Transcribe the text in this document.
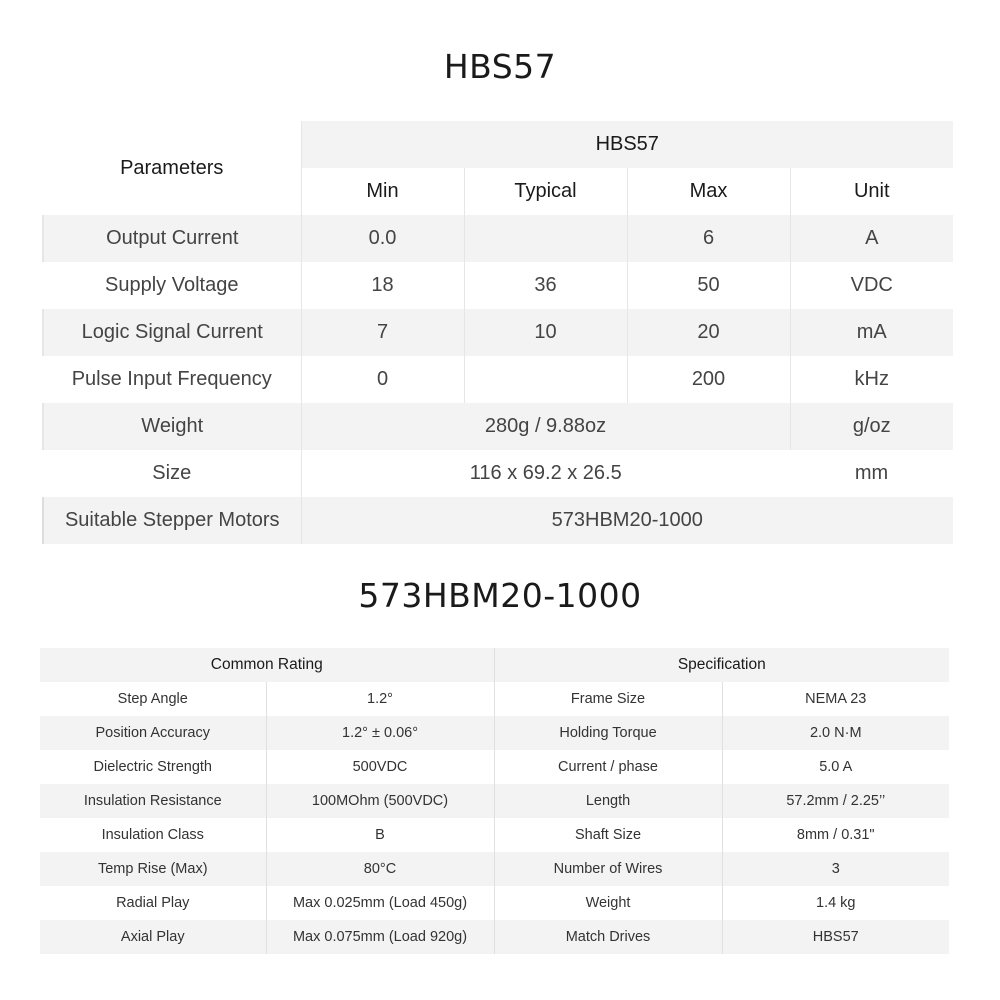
HBS57
Parameters	HBS57			
	Min	Typical	Max	Unit
Output Current	0.0		6	A
Supply Voltage	18	36	50	VDC
Logic Signal Current	7	10	20	mA
Pulse Input Frequency	0		200	kHz
Weight	280g / 9.88oz			g/oz
Size	116 x 69.2 x 26.5			mm
Suitable Stepper Motors	573HBM20-1000			
573HBM20-1000
Common Rating		Specification	
Step Angle	1.2°	Frame Size	NEMA 23
Position Accuracy	1.2° ± 0.06°	Holding Torque	2.0 N·M
Dielectric Strength	500VDC	Current / phase	5.0 A
Insulation Resistance	100MOhm (500VDC)	Length	57.2mm / 2.25’’
Insulation Class	B	Shaft Size	8mm / 0.31"
Temp Rise (Max)	80°C	Number of Wires	3
Radial Play	Max 0.025mm (Load 450g)	Weight	1.4 kg
Axial Play	Max 0.075mm (Load 920g)	Match Drives	HBS57
